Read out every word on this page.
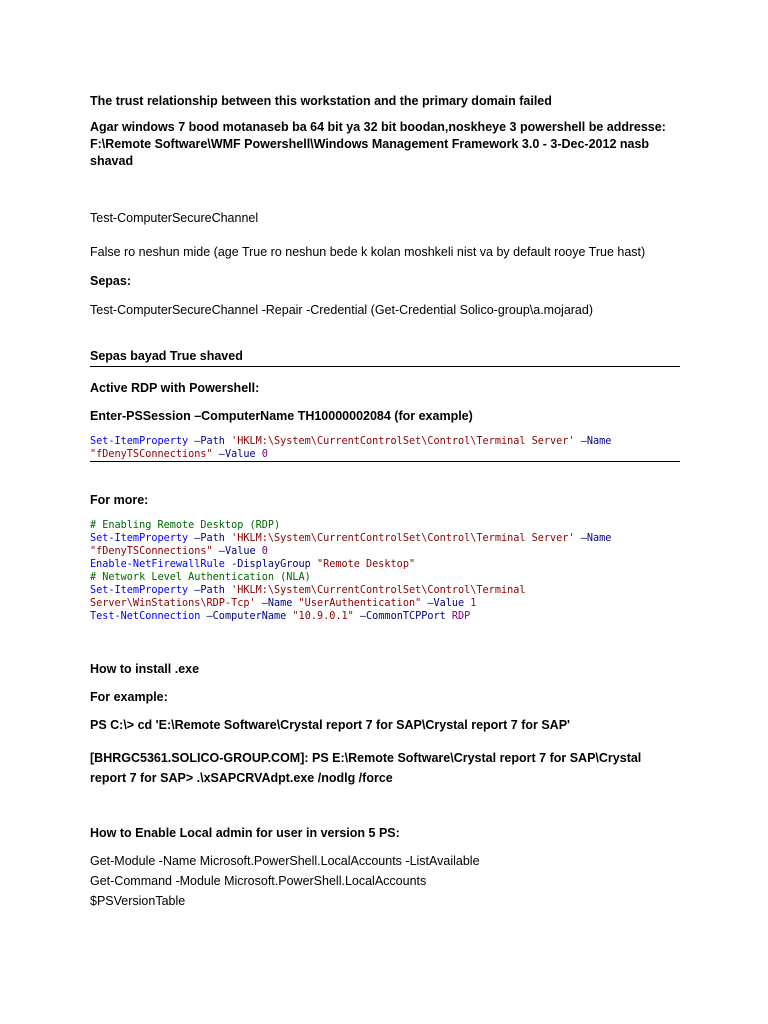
The trust relationship between this workstation and the primary domain failed
Agar windows 7 bood motanaseb ba 64 bit ya 32 bit boodan,noskheye 3 powershell be addresse: F:\Remote Software\WMF Powershell\Windows Management Framework 3.0 - 3-Dec-2012 nasb shavad
Test-ComputerSecureChannel
False ro neshun mide (age True ro neshun bede k kolan moshkeli nist va by default rooye True hast)
Sepas:
Test-ComputerSecureChannel -Repair -Credential (Get-Credential Solico-group\a.mojarad)
Sepas bayad True shaved
Active RDP with Powershell:
Enter-PSSession –ComputerName TH10000002084 (for example)
Set-ItemProperty –Path 'HKLM:\System\CurrentControlSet\Control\Terminal Server' –Name
"fDenyTSConnections" –Value 0
For more:
# Enabling Remote Desktop (RDP)
Set-ItemProperty –Path 'HKLM:\System\CurrentControlSet\Control\Terminal Server' –Name
"fDenyTSConnections" –Value 0
Enable-NetFirewallRule -DisplayGroup "Remote Desktop"
# Network Level Authentication (NLA)
Set-ItemProperty –Path 'HKLM:\System\CurrentControlSet\Control\Terminal
Server\WinStations\RDP-Tcp' –Name "UserAuthentication" –Value 1
Test-NetConnection –ComputerName "10.9.0.1" –CommonTCPPort RDP
How to install .exe
For example:
PS C:\> cd 'E:\Remote Software\Crystal report 7 for SAP\Crystal report 7 for SAP'
[BHRGC5361.SOLICO-GROUP.COM]: PS E:\Remote Software\Crystal report 7 for SAP\Crystal report 7 for SAP> .\xSAPCRVAdpt.exe /nodlg /force
How to Enable Local admin for user in version 5 PS:
Get-Module -Name Microsoft.PowerShell.LocalAccounts -ListAvailable
Get-Command -Module Microsoft.PowerShell.LocalAccounts
$PSVersionTable
